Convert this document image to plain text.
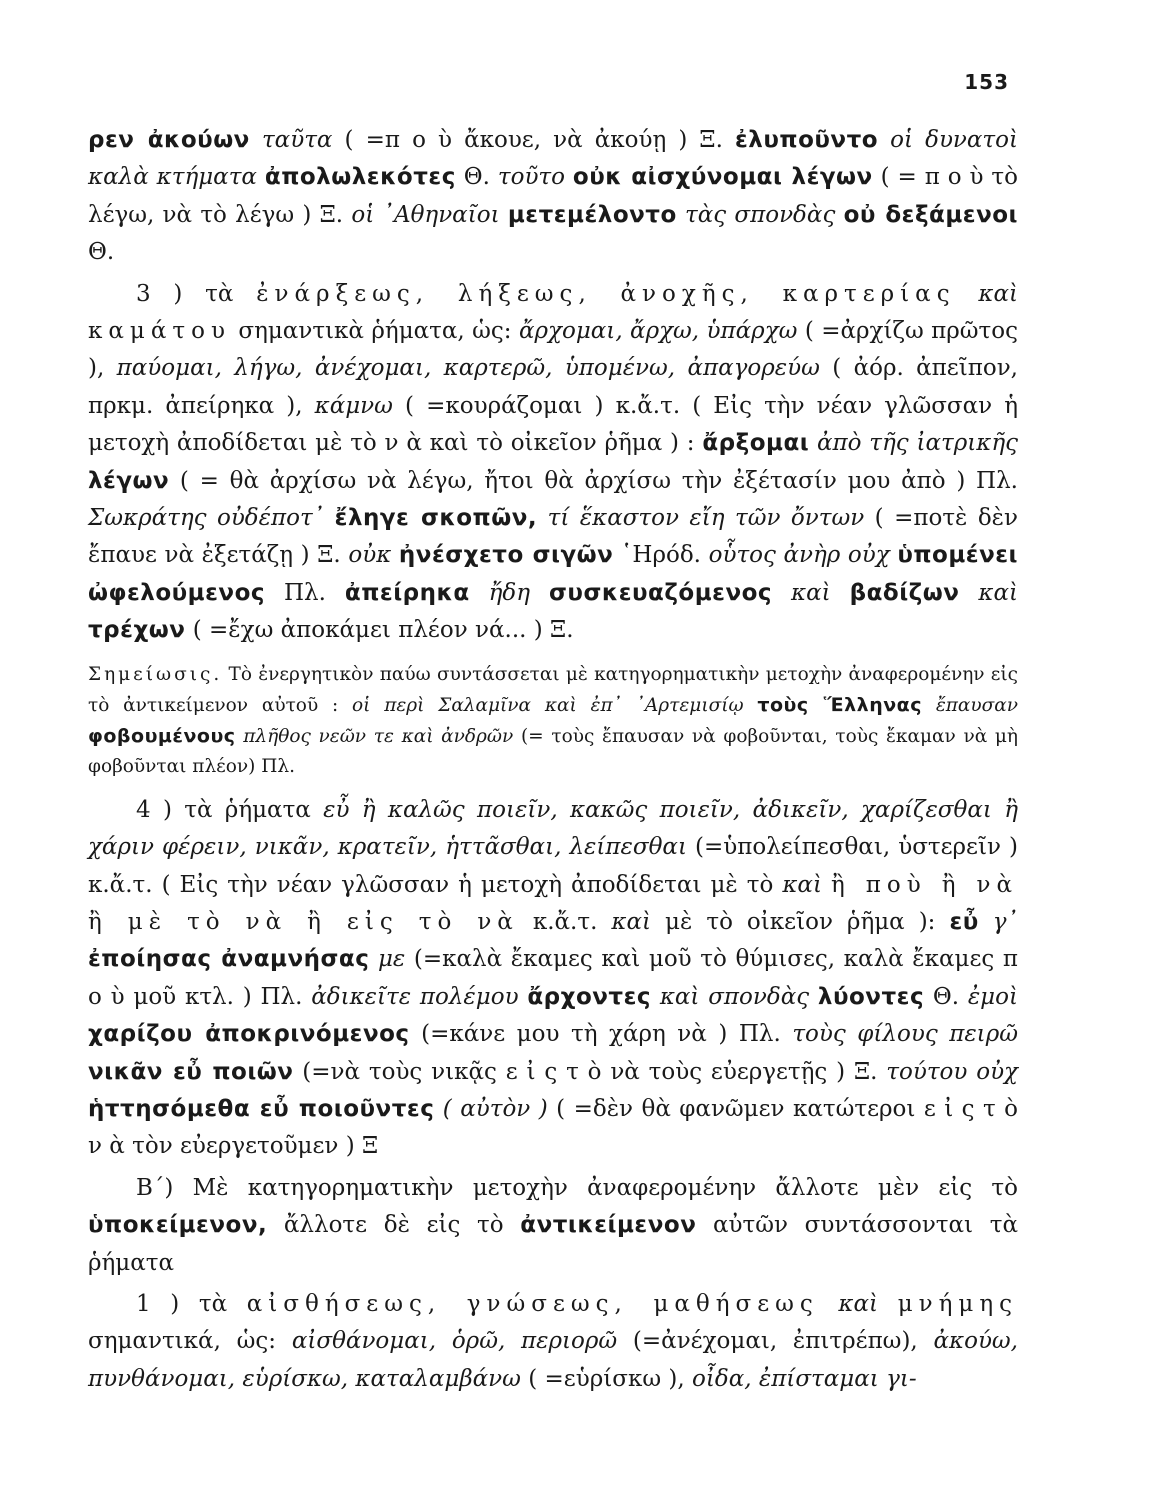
153

ρεν ἀκούων ταῦτα ( =π ο ὺ ἄκουε, νὰ ἀκούῃ ) Ξ. ἐλυποῦντο οἱ δυνατοὶ καλὰ κτήματα ἀπολωλεκότες Θ. τοῦτο οὐκ αἰσχύνομαι λέγων ( = π ο ὺ τὸ λέγω, νὰ τὸ λέγω ) Ξ. οἱ ᾿Αθηναῖοι μετεμέλοντο τὰς σπονδὰς οὐ δεξάμενοι Θ.

3 ) τὰ ἐνάρξεως, λήξεως, ἀνοχῆς, καρτερίας καὶ καμάτου σημαντικὰ ῥήματα, ὡς: ἄρχομαι, ἄρχω, ὑπάρχω ( =ἀρχίζω πρῶτος ), παύομαι, λήγω, ἀνέχομαι, καρτερῶ, ὑπομένω, ἀπαγορεύω ( ἀόρ. ἀπεῖπον, πρκμ. ἀπείρηκα ), κάμνω ( =κουράζομαι ) κ.ἄ.τ. ( Εἰς τὴν νέαν γλῶσσαν ἡ μετοχὴ ἀποδίδεται μὲ τὸ ν ὰ καὶ τὸ οἰκεῖον ῥῆμα ) : ἄρξομαι ἀπὸ τῆς ἰατρικῆς λέγων ( = θὰ ἀρχίσω νὰ λέγω, ἤτοι θὰ ἀρχίσω τὴν ἐξέτασίν μου ἀπὸ ) Πλ. Σωκράτης οὐδέποτ᾿ ἔληγε σκοπῶν, τί ἕκαστον εἴη τῶν ὄντων ( =ποτὲ δὲν ἔπαυε νὰ ἐξετάζῃ ) Ξ. οὐκ ἠνέσχετο σιγῶν ῾Ηρόδ. οὗτος ἀνὴρ οὐχ ὑπομένει ὠφελούμενος Πλ. ἀπείρηκα ἤδη συσκευαζόμενος καὶ βαδίζων καὶ τρέχων ( =ἔχω ἀποκάμει πλέον νά... ) Ξ.

Σημείωσις. Τὸ ἐνεργητικὸν παύω συντάσσεται μὲ κατηγορηματικὴν μετοχὴν ἀναφερομένην εἰς τὸ ἀντικείμενον αὐτοῦ : οἱ περὶ Σαλαμῖνα καὶ ἐπ᾿ ᾿Αρτεμισίῳ τοὺς Ἕλληνας ἔπαυσαν φοβουμένους πλῆθος νεῶν τε καὶ ἀνδρῶν (= τοὺς ἔπαυσαν νὰ φοβοῦνται, τοὺς ἔκαμαν νὰ μὴ φοβοῦνται πλέον) Πλ.

4 ) τὰ ῥήματα εὖ ἢ καλῶς ποιεῖν, κακῶς ποιεῖν, ἀδικεῖν, χαρίζεσθαι ἢ χάριν φέρειν, νικᾶν, κρατεῖν, ἡττᾶσθαι, λείπεσθαι (=ὑπολείπεσθαι, ὑστερεῖν ) κ.ἄ.τ. ( Εἰς τὴν νέαν γλῶσσαν ἡ μετοχὴ ἀποδίδεται μὲ τὸ καὶ ἢ ποὺ ἢ νὰ ἢ μὲ τὸ νὰ ἢ εἰς τὸ νὰ κ.ἄ.τ. καὶ μὲ τὸ οἰκεῖον ῥῆμα ): εὖ γ᾿ ἐποίησας ἀναμνήσας με (=καλὰ ἔκαμες καὶ μοῦ τὸ θύμισες, καλὰ ἔκαμες π ο ὺ μοῦ κτλ. ) Πλ. ἀδικεῖτε πολέμου ἄρχοντες καὶ σπονδὰς λύοντες Θ. ἐμοὶ χαρίζου ἀποκρινόμενος (=κάνε μου τὴ χάρη νὰ ) Πλ. τοὺς φίλους πειρῶ νικᾶν εὖ ποιῶν (=νὰ τοὺς νικᾷς ε ἰ ς τ ὸ νὰ τοὺς εὐεργετῇς ) Ξ. τούτου οὐχ ἡττησόμεθα εὖ ποιοῦντες ( αὐτὸν ) ( =δὲν θὰ φανῶμεν κατώτεροι ε ἰ ς τ ὸ ν ὰ τὸν εὐεργετοῦμεν ) Ξ

Β΄) Μὲ κατηγορηματικὴν μετοχὴν ἀναφερομένην ἄλλοτε μὲν εἰς τὸ ὑποκείμενον, ἄλλοτε δὲ εἰς τὸ ἀντικείμενον αὐτῶν συντάσσονται τὰ ῥήματα

1 ) τὰ αἰσθήσεως, γνώσεως, μαθήσεως καὶ μνήμης σημαντικά, ὡς: αἰσθάνομαι, ὁρῶ, περιορῶ (=ἀνέχομαι, ἐπιτρέπω), ἀκούω, πυνθάνομαι, εὑρίσκω, καταλαμβάνω ( =εὑρίσκω ), οἶδα, ἐπίσταμαι γι-
